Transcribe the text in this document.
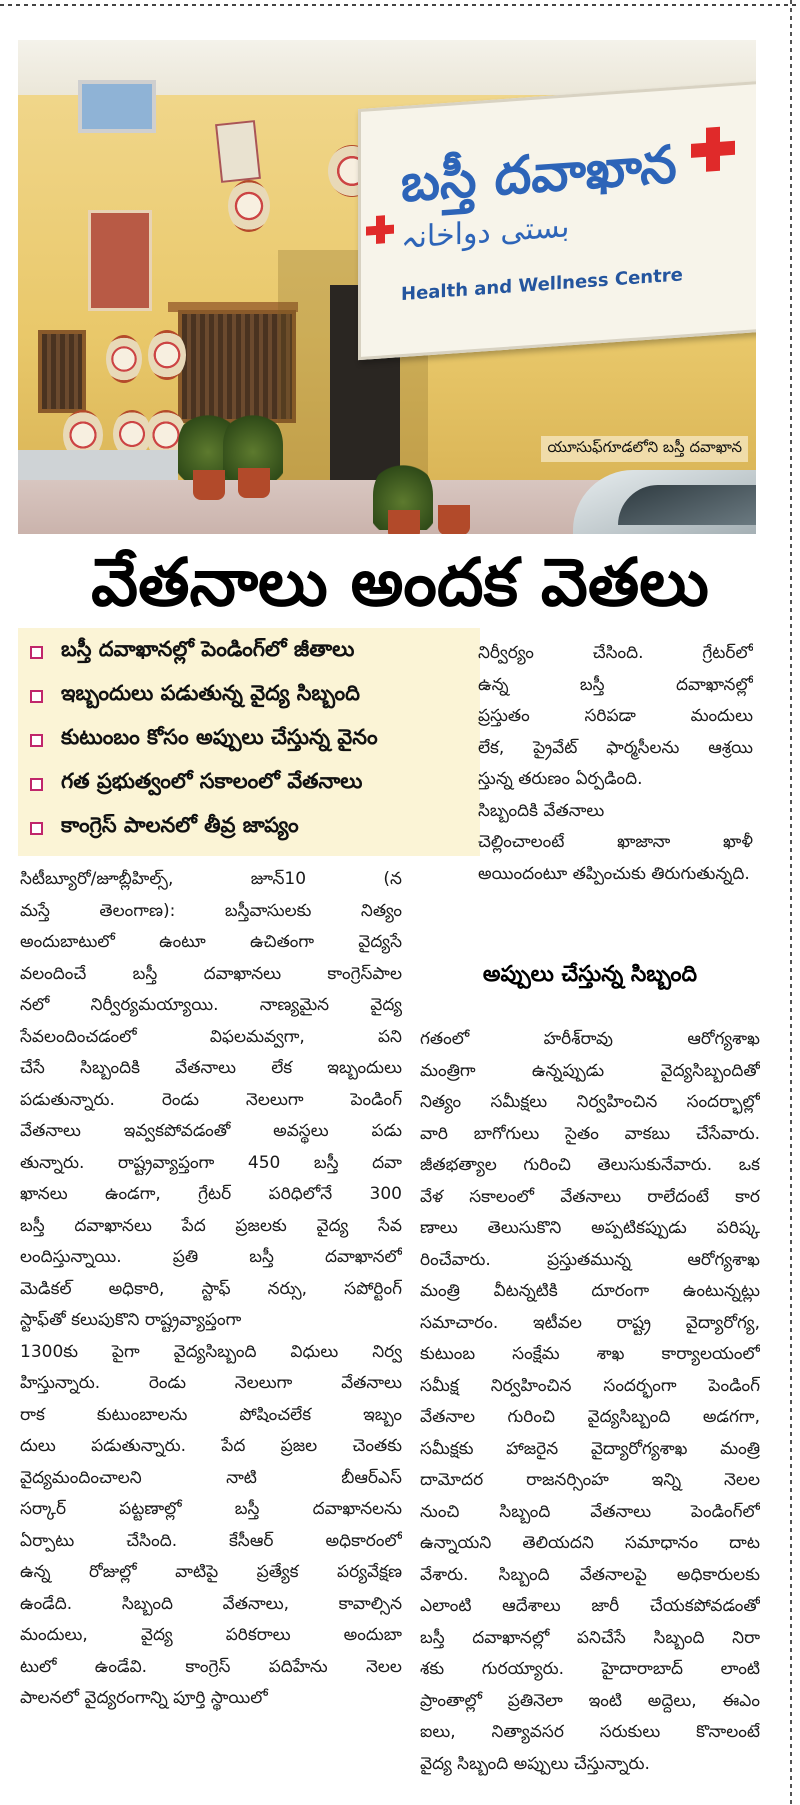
బస్తీ దవాఖాన
بستی دواخانہ
Health and Wellness Centre
యూసుఫ్‌గూడలోని బస్తీ దవాఖాన
వేతనాలు అందక వెతలు
బస్తీ దవాఖానల్లో పెండింగ్‌లో జీతాలు
ఇబ్బందులు పడుతున్న వైద్య సిబ్బంది
కుటుంబం కోసం అప్పులు చేస్తున్న వైనం
గత ప్రభుత్వంలో సకాలంలో వేతనాలు
కాంగ్రెస్‌ పాలనలో తీవ్ర జాప్యం
నిర్వీర్యం చేసింది. గ్రేటర్‌లో
ఉన్న బస్తీ దవాఖానల్లో
ప్రస్తుతం సరిపడా మందులు
లేక, ప్రైవేట్‌ ఫార్మసీలను ఆశ్రయి
స్తున్న తరుణం ఏర్పడింది.
సిబ్బందికి వేతనాలు
చెల్లించాలంటే ఖాజానా ఖాళీ
అయిందంటూ తప్పించుకు తిరుగుతున్నది.
అప్పులు చేస్తున్న సిబ్బంది
గతంలో హరీశ్‌రావు ఆరోగ్యశాఖ
మంత్రిగా ఉన్నప్పుడు వైద్యసిబ్బందితో
నిత్యం సమీక్షలు నిర్వహించిన సందర్భాల్లో
వారి బాగోగులు సైతం వాకబు చేసేవారు.
జీతభత్యాల గురించి తెలుసుకునేవారు. ఒక
వేళ సకాలంలో వేతనాలు రాలేదంటే కార
ణాలు తెలుసుకొని అప్పటికప్పుడు పరిష్క
రించేవారు. ప్రస్తుతమున్న ఆరోగ్యశాఖ
మంత్రి వీటన్నటికి దూరంగా ఉంటున్నట్లు
సమాచారం. ఇటీవల రాష్ట్ర వైద్యారోగ్య,
కుటుంబ సంక్షేమ శాఖ కార్యాలయంలో
సమీక్ష నిర్వహించిన సందర్భంగా పెండింగ్‌
వేతనాల గురించి వైద్యసిబ్బంది అడగగా,
సమీక్షకు హాజరైన వైద్యారోగ్యశాఖ మంత్రి
దామోదర రాజనర్సింహ ఇన్ని నెలల
నుంచి సిబ్బంది వేతనాలు పెండింగ్‌లో
ఉన్నాయని తెలియదని సమాధానం దాట
వేశారు. సిబ్బంది వేతనాలపై అధికారులకు
ఎలాంటి ఆదేశాలు జారీ చేయకపోవడంతో
బస్తీ దవాఖానల్లో పనిచేసే సిబ్బంది నిరా
శకు గురయ్యారు. హైదారాబాద్‌ లాంటి
ప్రాంతాల్లో ప్రతినెలా ఇంటి అద్దెలు, ఈఎం
ఐలు, నిత్యావసర సరుకులు కొనాలంటే
వైద్య సిబ్బంది అప్పులు చేస్తున్నారు.
సిటీబ్యూరో/జూబ్లీహిల్స్‌, జూన్‌10 (న
మస్తే తెలంగాణ): బస్తీవాసులకు నిత్యం
అందుబాటులో ఉంటూ ఉచితంగా వైద్యసే
వలందించే బస్తీ దవాఖానలు కాంగ్రెస్‌పాల
నలో నిర్వీర్యమయ్యాయి. నాణ్యమైన వైద్య
సేవలందించడంలో విఫలమవ్వగా, పని
చేసే సిబ్బందికి వేతనాలు లేక ఇబ్బందులు
పడుతున్నారు. రెండు నెలలుగా పెండింగ్‌
వేతనాలు ఇవ్వకపోవడంతో అవస్థలు పడు
తున్నారు. రాష్ట్రవ్యాప్తంగా 450 బస్తీ దవా
ఖానలు ఉండగా, గ్రేటర్‌ పరిధిలోనే 300
బస్తీ దవాఖానలు పేద ప్రజలకు వైద్య సేవ
లందిస్తున్నాయి. ప్రతి బస్తీ దవాఖానలో
మెడికల్‌ అధికారి, స్టాఫ్‌ నర్సు, సపోర్టింగ్‌
స్టాఫ్‌తో కలుపుకొని రాష్ట్రవ్యాప్తంగా
1300కు పైగా వైద్యసిబ్బంది విధులు నిర్వ
హిస్తున్నారు. రెండు నెలలుగా వేతనాలు
రాక కుటుంబాలను పోషించలేక ఇబ్బం
దులు పడుతున్నారు. పేద ప్రజల చెంతకు
వైద్యమందించాలని నాటి బీఆర్‌ఎస్‌
సర్కార్‌ పట్టణాల్లో బస్తీ దవాఖానలను
ఏర్పాటు చేసింది. కేసీఆర్‌ అధికారంలో
ఉన్న రోజుల్లో వాటిపై ప్రత్యేక పర్యవేక్షణ
ఉండేది. సిబ్బంది వేతనాలు, కావాల్సిన
మందులు, వైద్య పరికరాలు అందుబా
టులో ఉండేవి. కాంగ్రెస్‌ పదిహేను నెలల
పాలనలో వైద్యరంగాన్ని పూర్తి స్థాయిలో
